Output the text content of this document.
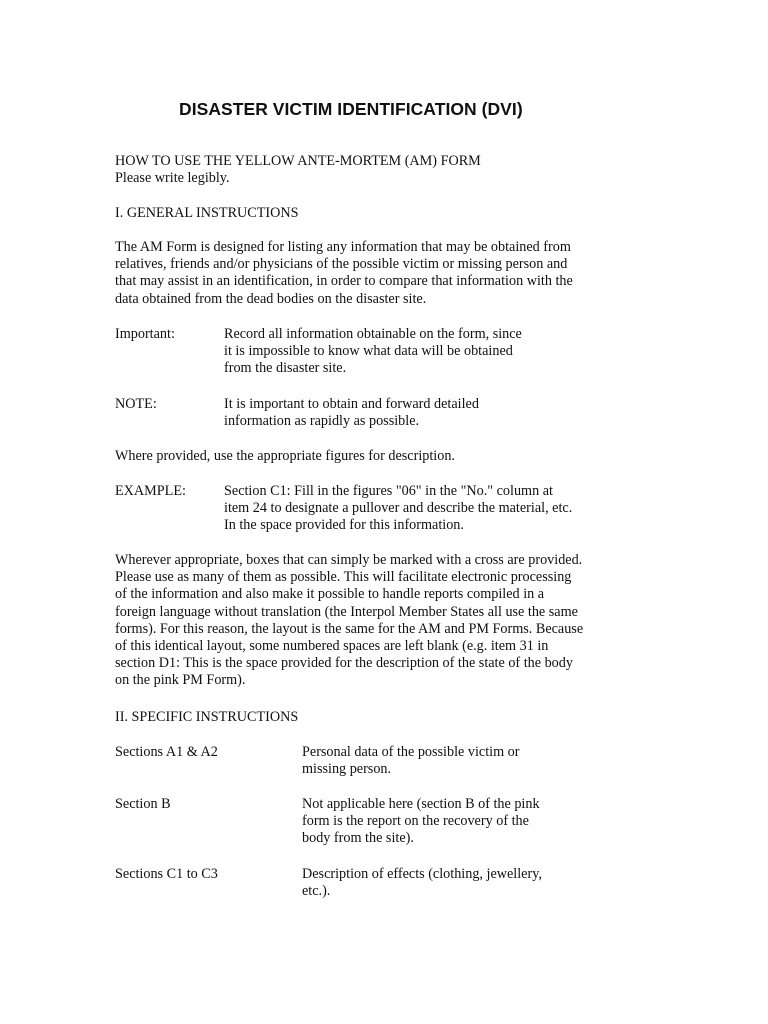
DISASTER VICTIM IDENTIFICATION (DVI)
HOW TO USE THE YELLOW ANTE-MORTEM (AM) FORM
Please write legibly.
I. GENERAL INSTRUCTIONS
The AM Form is designed for listing any information that may be obtained from
relatives, friends and/or physicians of the possible victim or missing person and
that may assist in an identification, in order to compare that information with the
data obtained from the dead bodies on the disaster site.
Important:	Record all information obtainable on the form, since
it is impossible to know what data will be obtained
from the disaster site.
NOTE:	It is important to obtain and forward detailed
information as rapidly as possible.
Where provided, use the appropriate figures for description.
EXAMPLE:	Section C1: Fill in the figures "06" in the "No." column at
item 24 to designate a pullover and describe the material, etc.
In the space provided for this information.
Wherever appropriate, boxes that can simply be marked with a cross are provided.
Please use as many of them as possible. This will facilitate electronic processing
of the information and also make it possible to handle reports compiled in a
foreign language without translation (the Interpol Member States all use the same
forms). For this reason, the layout is the same for the AM and PM Forms. Because
of this identical layout, some numbered spaces are left blank (e.g. item 31 in
section D1: This is the space provided for the description of the state of the body
on the pink PM Form).
II. SPECIFIC INSTRUCTIONS
Sections A1 & A2	Personal data of the possible victim or
missing person.
Section B	Not applicable here (section B of the pink
form is the report on the recovery of the
body from the site).
Sections C1 to C3	Description of effects (clothing, jewellery,
etc.).
